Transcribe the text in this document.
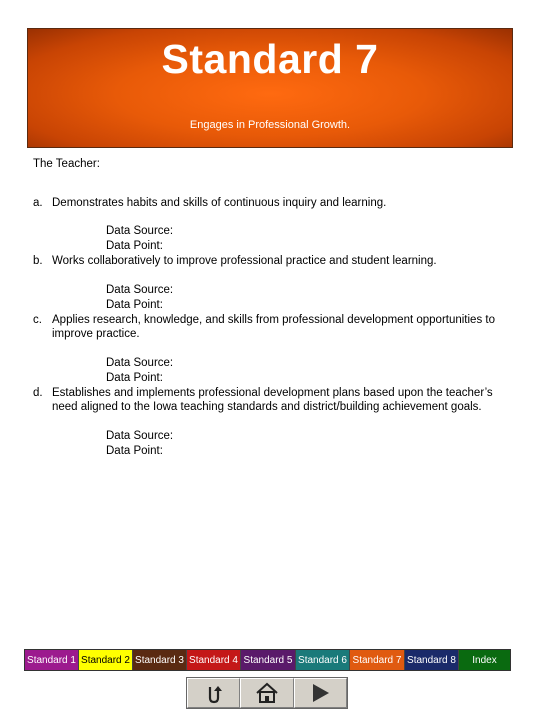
Standard 7
Engages in Professional Growth.

The Teacher:

a. Demonstrates habits and skills of continuous inquiry and learning.
Data Source:
Data Point:
b. Works collaboratively to improve professional practice and student learning.
Data Source:
Data Point:
c. Applies research, knowledge, and skills from professional development opportunities to improve practice.
Data Source:
Data Point:
d. Establishes and implements professional development plans based upon the teacher’s need aligned to the Iowa teaching standards and district/building achievement goals.
Data Source:
Data Point:
Standard 1 Standard 2 Standard 3 Standard 4 Standard 5 Standard 6 Standard 7 Standard 8 Index
